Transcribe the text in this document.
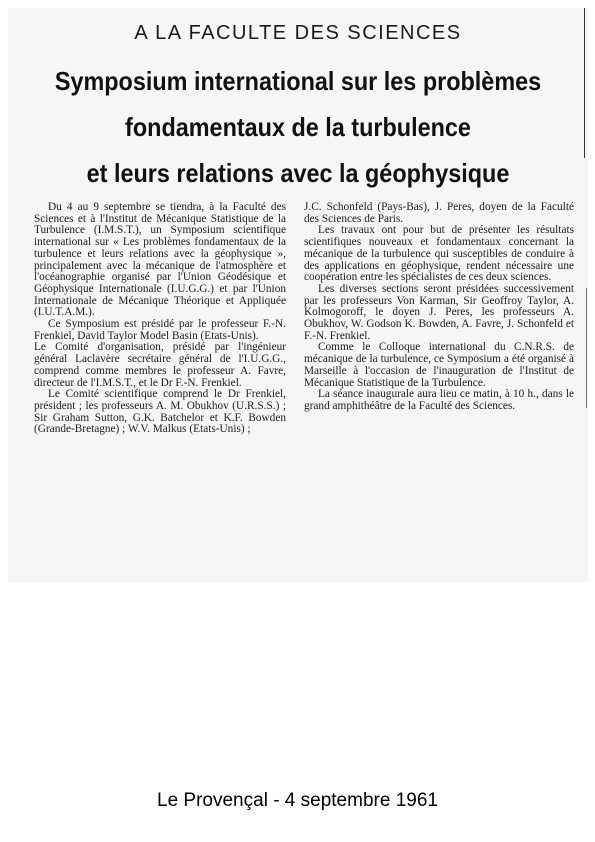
A LA FACULTE DES SCIENCES
Symposium international sur les problèmes
fondamentaux de la turbulence
et leurs relations avec la géophysique

Du 4 au 9 septembre se tiendra, à la Faculté des Sciences et à l'Institut de Mécanique Statistique de la Turbulence (I.M.S.T.), un Symposium scientifique international sur « Les problèmes fondamentaux de la turbulence et leurs relations avec la géophysique », principalement avec la mécanique de l'atmosphère et l'océanographie organisé par l'Union Géodésique et Géophysique Internationale (I.U.G.G.) et par l'Union Internationale de Mécanique Théorique et Appliquée (I.U.T.A.M.).

Ce Symposium est présidé par le professeur F.-N. Frenkiel, David Taylor Model Basin (Etats-Unis).

Le Comité d'organisation, présidé par l'ingénieur général Laclavère secrétaire général de l'I.U.G.G., comprend comme membres le professeur A. Favre, directeur de l'I.M.S.T., et le Dr F.-N. Frenkiel.

Le Comité scientifique comprend le Dr Frenkiel, président ; les professeurs A. M. Obukhov (U.R.S.S.) ; Sir Graham Sutton, G.K. Batchelor et K.F. Bowden (Grande-Bretagne) ; W.V. Malkus (Etats-Unis) ;

J.C. Schonfeld (Pays-Bas), J. Peres, doyen de la Faculté des Sciences de Paris.

Les travaux ont pour but de présenter les résultats scientifiques nouveaux et fondamentaux concernant la mécanique de la turbulence qui susceptibles de conduire à des applications en géophysique, rendent nécessaire une coopération entre les spécialistes de ces deux sciences.

Les diverses sections seront présidées successivement par les professeurs Von Karman, Sir Geoffroy Taylor, A. Kolmogoroff, le doyen J. Peres, les professeurs A. Obukhov, W. Godson K. Bowden, A. Favre, J. Schonfeld et F.-N. Frenkiel.

Comme le Colloque international du C.N.R.S. de mécanique de la turbulence, ce Symposium a été organisé à Marseille à l'occasion de l'inauguration de l'Institut de Mécanique Statistique de la Turbulence.

La séance inaugurale aura lieu ce matin, à 10 h., dans le grand amphithéâtre de la Faculté des Sciences.

Le Provençal - 4 septembre 1961
